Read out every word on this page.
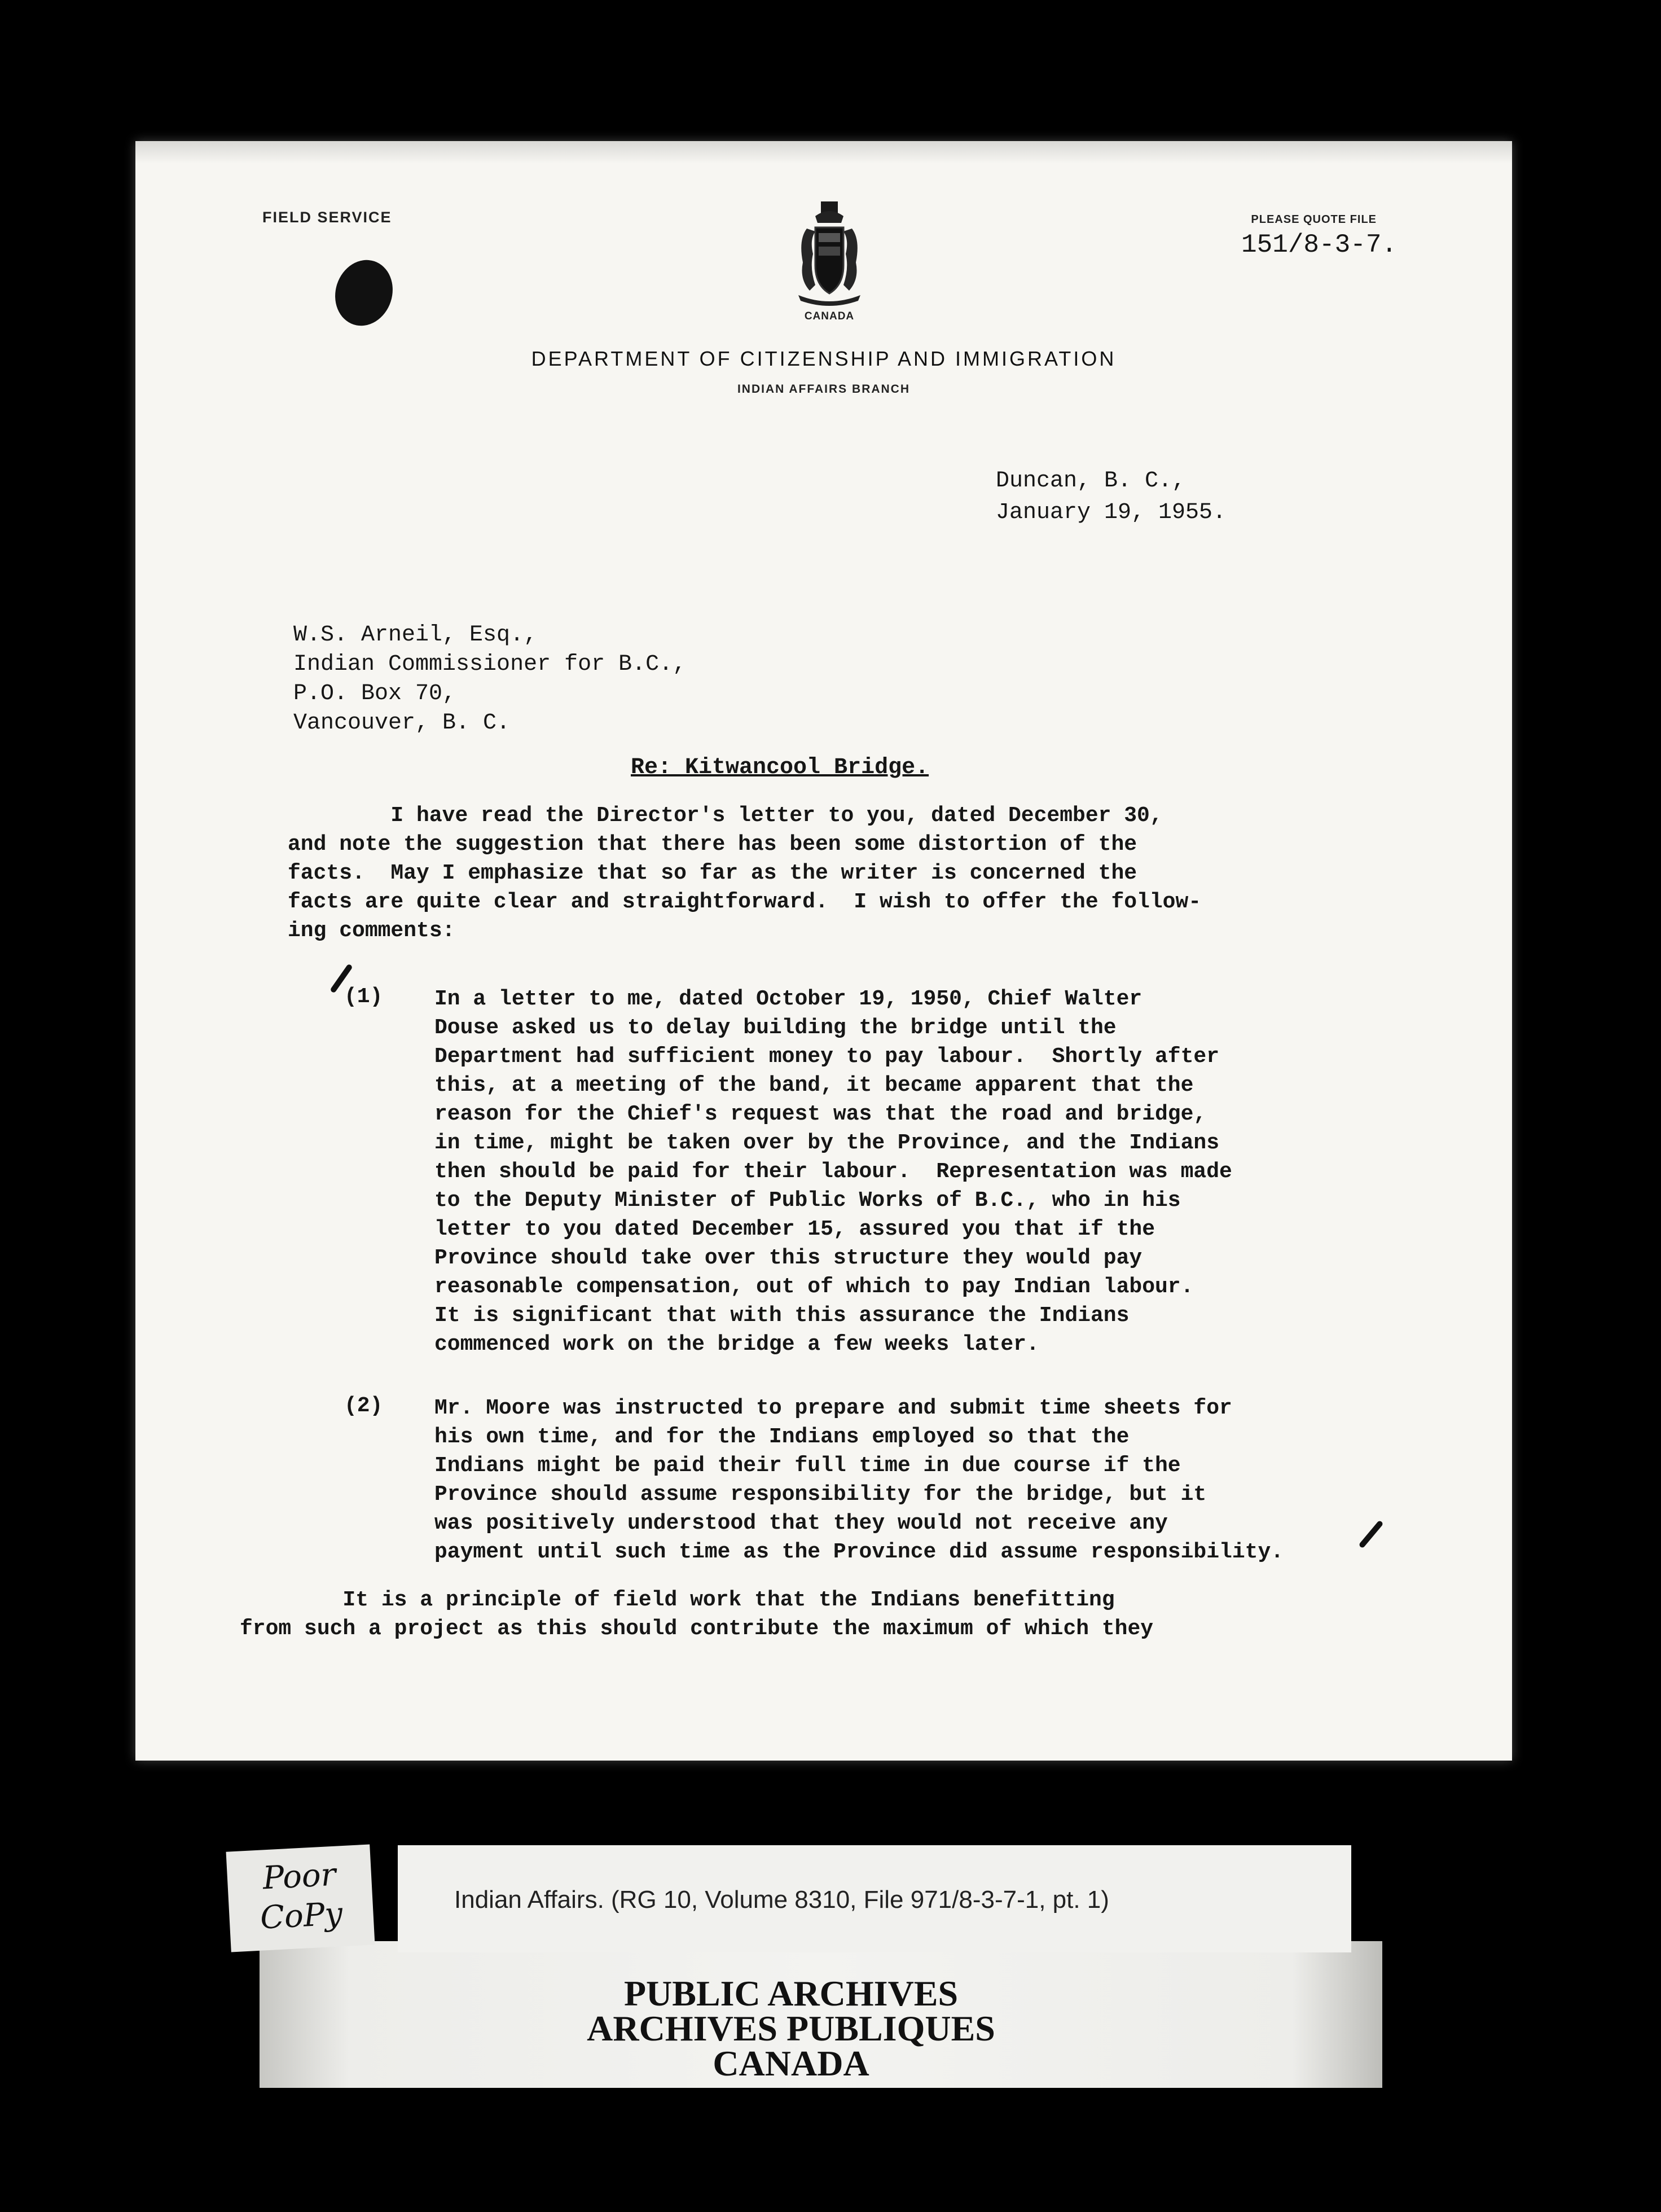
FIELD SERVICE
CANADA
PLEASE QUOTE FILE
151/8-3-7.
DEPARTMENT OF CITIZENSHIP AND IMMIGRATION
INDIAN AFFAIRS BRANCH
Duncan, B. C.,
January 19, 1955.
W.S. Arneil, Esq.,
Indian Commissioner for B.C.,
P.O. Box 70,
Vancouver, B. C.
Re: Kitwancool Bridge.
I have read the Director's letter to you, dated December 30,
and note the suggestion that there has been some distortion of the
facts.  May I emphasize that so far as the writer is concerned the
facts are quite clear and straightforward.  I wish to offer the follow-
ing comments:
(1) In a letter to me, dated October 19, 1950, Chief Walter
Douse asked us to delay building the bridge until the
Department had sufficient money to pay labour.  Shortly after
this, at a meeting of the band, it became apparent that the
reason for the Chief's request was that the road and bridge,
in time, might be taken over by the Province, and the Indians
then should be paid for their labour.  Representation was made
to the Deputy Minister of Public Works of B.C., who in his
letter to you dated December 15, assured you that if the
Province should take over this structure they would pay
reasonable compensation, out of which to pay Indian labour.
It is significant that with this assurance the Indians
commenced work on the bridge a few weeks later.
(2) Mr. Moore was instructed to prepare and submit time sheets for
his own time, and for the Indians employed so that the
Indians might be paid their full time in due course if the
Province should assume responsibility for the bridge, but it
was positively understood that they would not receive any
payment until such time as the Province did assume responsibility.
It is a principle of field work that the Indians benefitting
from such a project as this should contribute the maximum of which they
Indian Affairs. (RG 10, Volume 8310, File 971/8-3-7-1, pt. 1)
Poor
CoPy
PUBLIC ARCHIVES
ARCHIVES PUBLIQUES
CANADA
